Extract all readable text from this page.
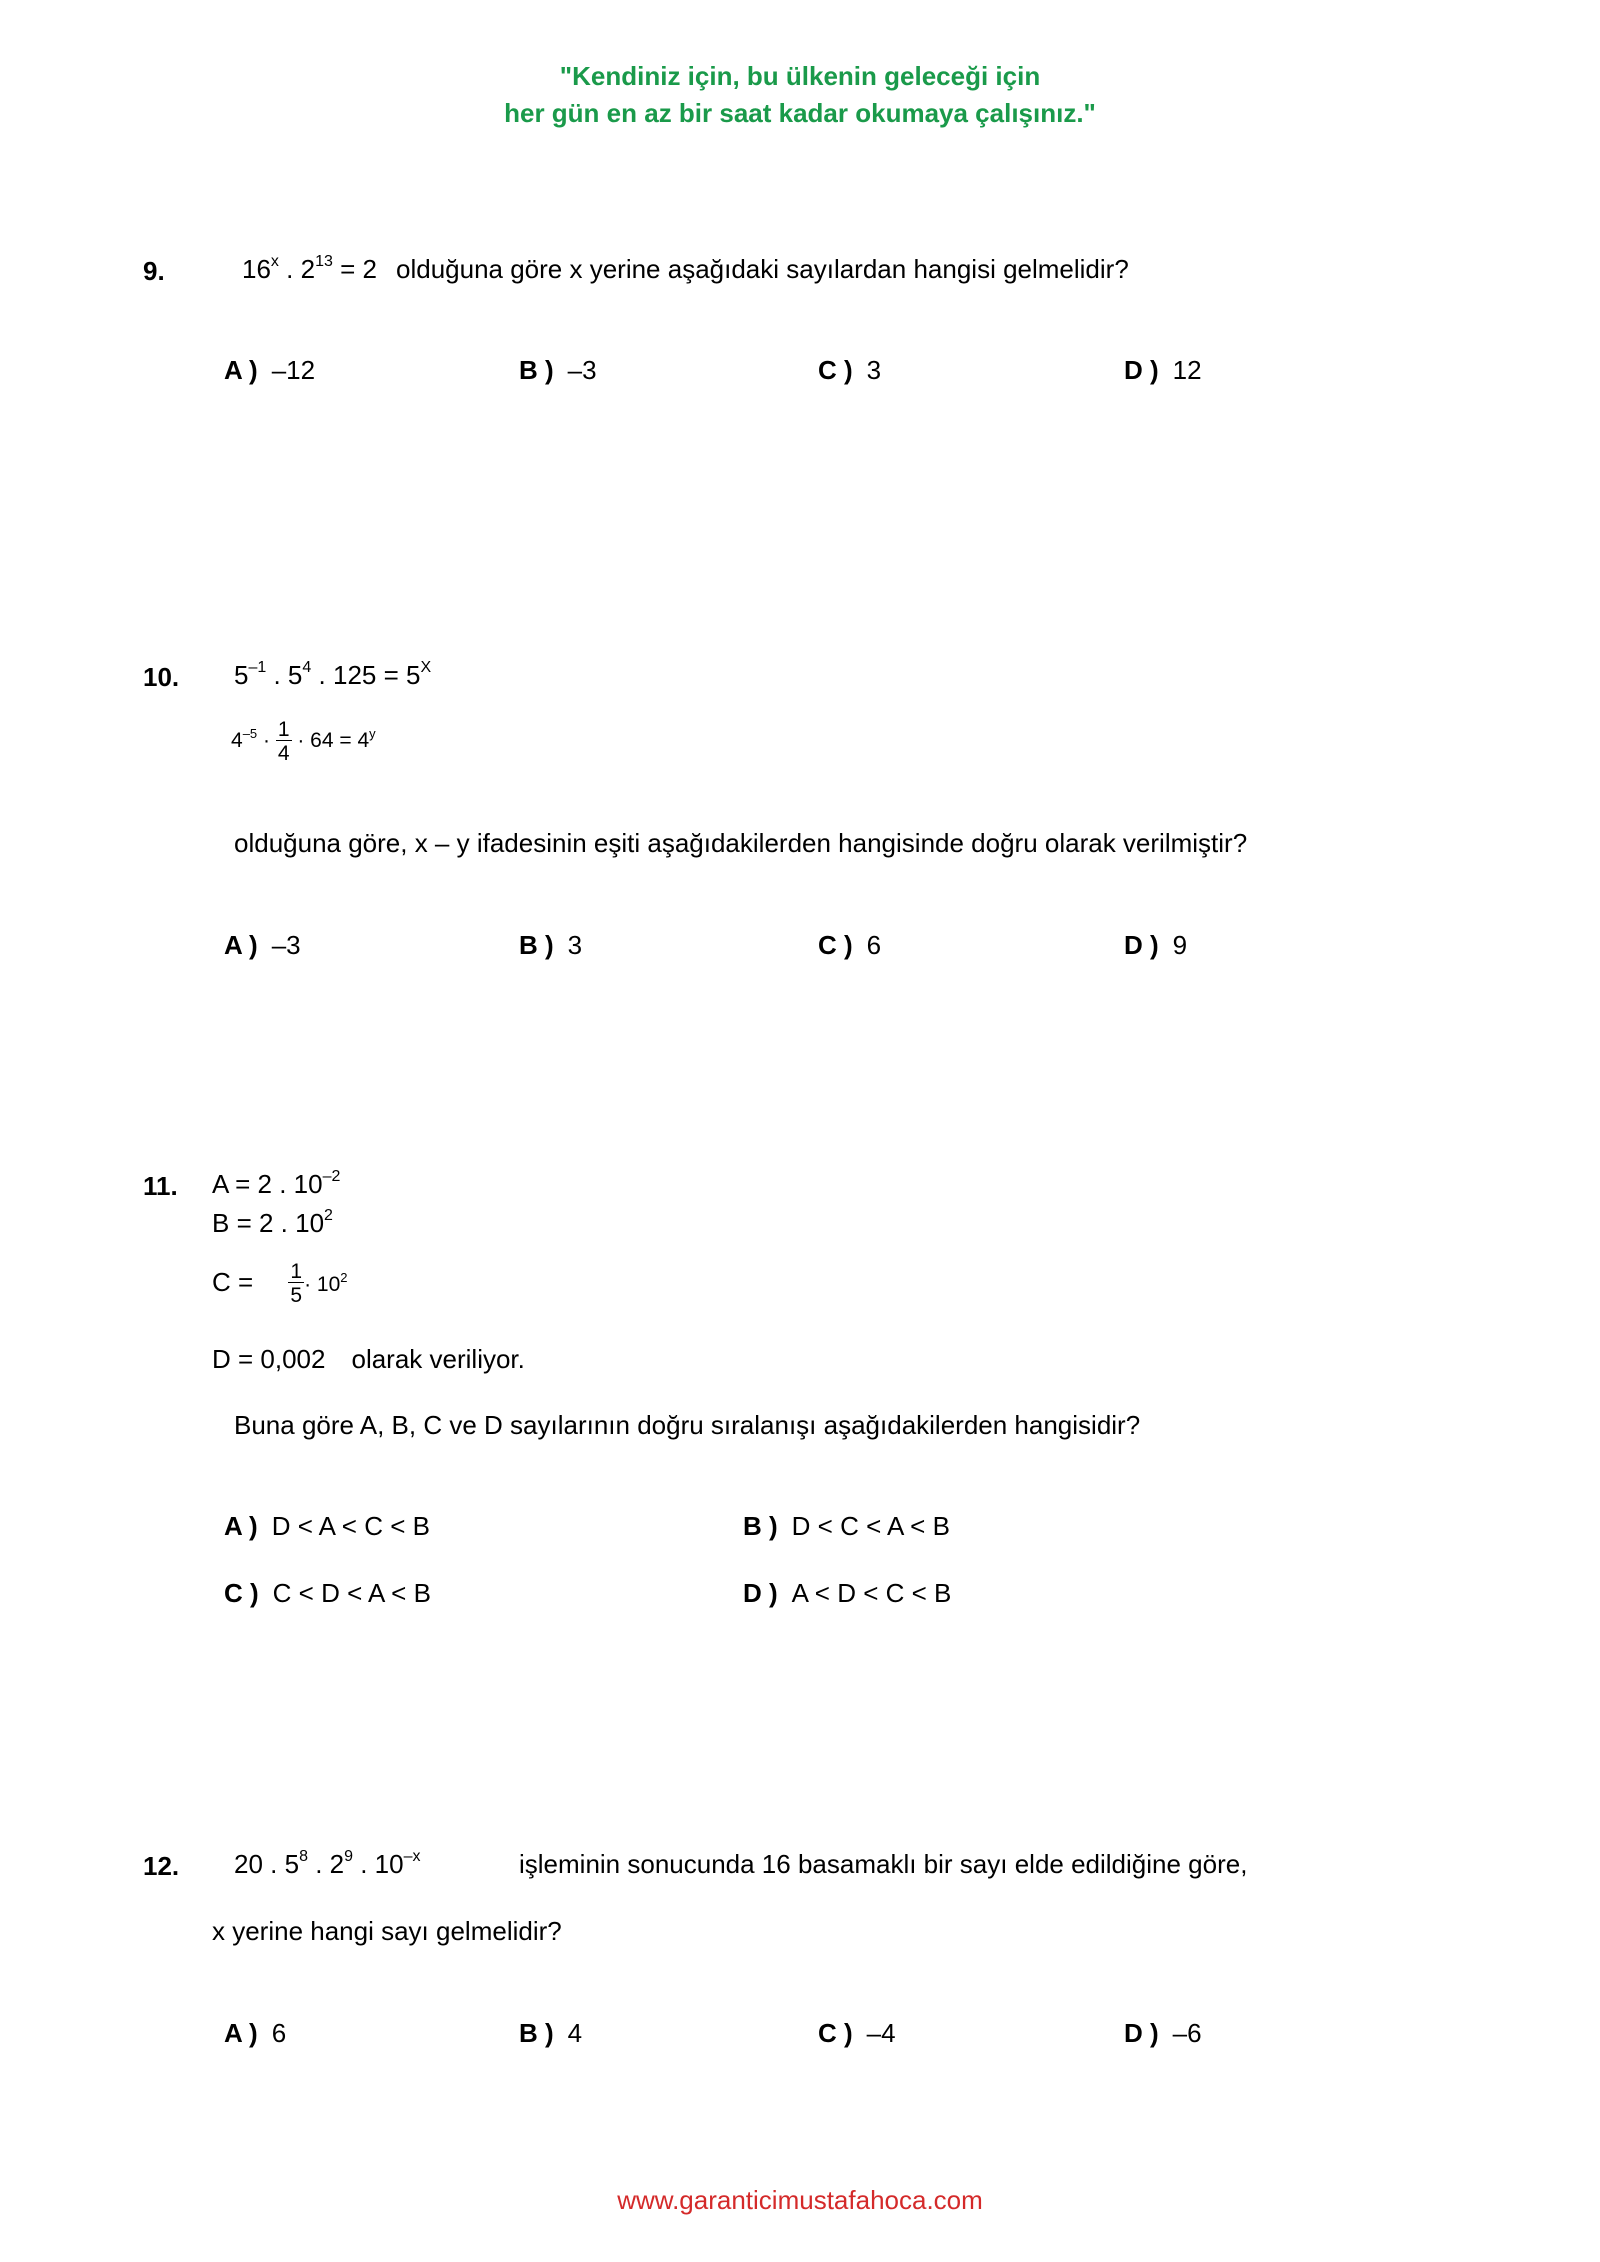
"Kendiniz için, bu ülkenin geleceği için
her gün en az bir saat kadar okumaya çalışınız."
9.	16$^x$ . $2^{13} = 2$ olduğuna göre x yerine aşağıdaki sayılardan hangisi gelmelidir?
A ) –12	B ) –3	C ) 3	D ) 12
10. $5^{-1}$ . $5^4$ . $125 = 5^X$
$4^{-5} \cdot \frac{1}{4} \cdot 64 = 4^y$
olduğuna göre, x – y ifadesinin eşiti aşağıdakilerden hangisinde doğru olarak verilmiştir?
A ) –3	B ) 3	C ) 6	D ) 9
11. A = 2 . $10^{-2}$
B = 2 . $10^2$
$C = \frac{1}{5} \cdot 10^2$
D = 0,002 olarak veriliyor.
Buna göre A, B, C ve D sayılarının doğru sıralanışı aşağıdakilerden hangisidir?
A ) D < A < C < B	B ) D < C < A < B
C ) C < D < A < B	D ) A < D < C < B
12. 20 . $5^8$ . $2^9$ . $10^{-x}$	işleminin sonucunda 16 basamaklı bir sayı elde edildiğine göre,
x yerine hangi sayı gelmelidir?
A ) 6	B ) 4	C ) –4	D ) –6
www.garanticimustafahoca.com
